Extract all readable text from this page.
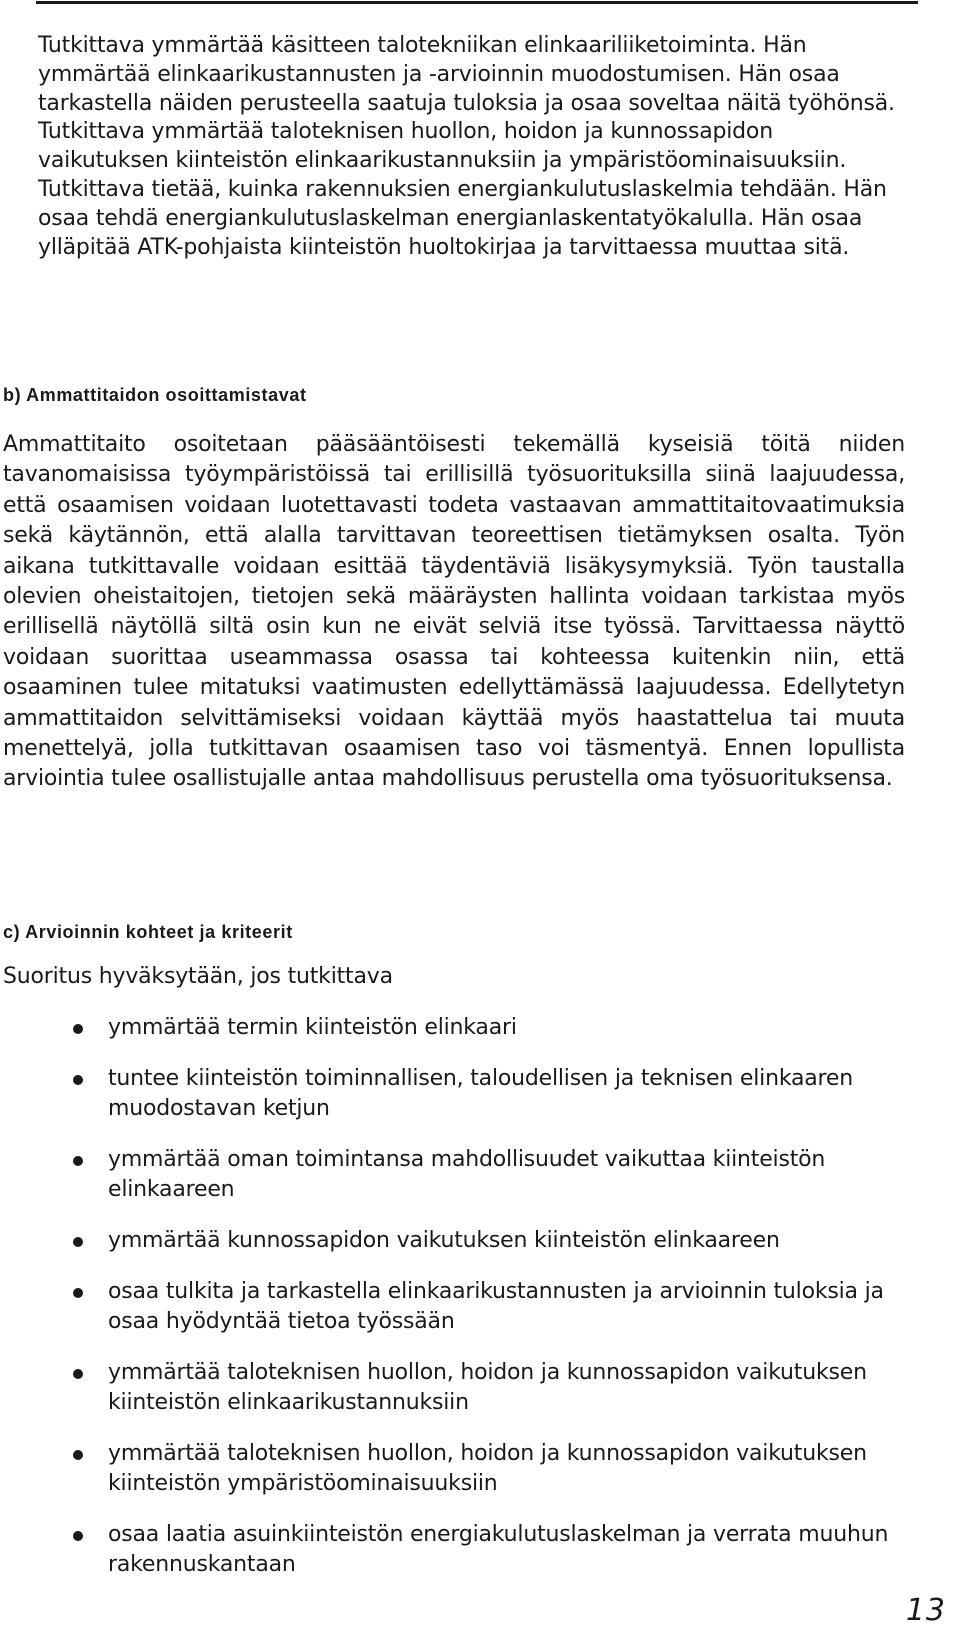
Tutkittava ymmärtää käsitteen talotekniikan elinkaariliiketoiminta. Hän ymmärtää elinkaarikustannusten ja -arvioinnin muodostumisen. Hän osaa tarkastella näiden perusteella saatuja tuloksia ja osaa soveltaa näitä työhönsä. Tutkittava ymmärtää taloteknisen huollon, hoidon ja kunnossapidon vaikutuksen kiinteistön elinkaarikustannuksiin ja ympäristöominaisuuksiin. Tutkittava tietää, kuinka rakennuksien energiankulutuslaskelmia tehdään. Hän osaa tehdä energiankulutuslaskelman energianlaskentatyökalulla. Hän osaa ylläpitää ATK-pohjaista kiinteistön huoltokirjaa ja tarvittaessa muuttaa sitä.

b) Ammattitaidon osoittamistavat

Ammattitaito osoitetaan pääsääntöisesti tekemällä kyseisiä töitä niiden tavanomaisissa työympäristöissä tai erillisillä työsuorituksilla siinä laajuudessa, että osaamisen voidaan luotettavasti todeta vastaavan ammattitaitovaatimuksia sekä käytännön, että alalla tarvittavan teoreettisen tietämyksen osalta. Työn aikana tutkittavalle voidaan esittää täydentäviä lisäkysymyksiä. Työn taustalla olevien oheistaitojen, tietojen sekä määräysten hallinta voidaan tarkistaa myös erillisellä näytöllä siltä osin kun ne eivät selviä itse työssä. Tarvittaessa näyttö voidaan suorittaa useammassa osassa tai kohteessa kuitenkin niin, että osaaminen tulee mitatuksi vaatimusten edellyttämässä laajuudessa. Edellytetyn ammattitaidon selvittämiseksi voidaan käyttää myös haastattelua tai muuta menettelyä, jolla tutkittavan osaamisen taso voi täsmentyä. Ennen lopullista arviointia tulee osallistujalle antaa mahdollisuus perustella oma työsuorituksensa.

c) Arvioinnin kohteet ja kriteerit

Suoritus hyväksytään, jos tutkittava

ymmärtää termin kiinteistön elinkaari
tuntee kiinteistön toiminnallisen, taloudellisen ja teknisen elinkaaren muodostavan ketjun
ymmärtää oman toimintansa mahdollisuudet vaikuttaa kiinteistön elinkaareen
ymmärtää kunnossapidon vaikutuksen kiinteistön elinkaareen
osaa tulkita ja tarkastella elinkaarikustannusten ja arvioinnin tuloksia ja osaa hyödyntää tietoa työssään
ymmärtää taloteknisen huollon, hoidon ja kunnossapidon vaikutuksen kiinteistön elinkaarikustannuksiin
ymmärtää taloteknisen huollon, hoidon ja kunnossapidon vaikutuksen kiinteistön ympäristöominaisuuksiin
osaa laatia asuinkiinteistön energiakulutuslaskelman ja verrata muuhun rakennuskantaan
13
